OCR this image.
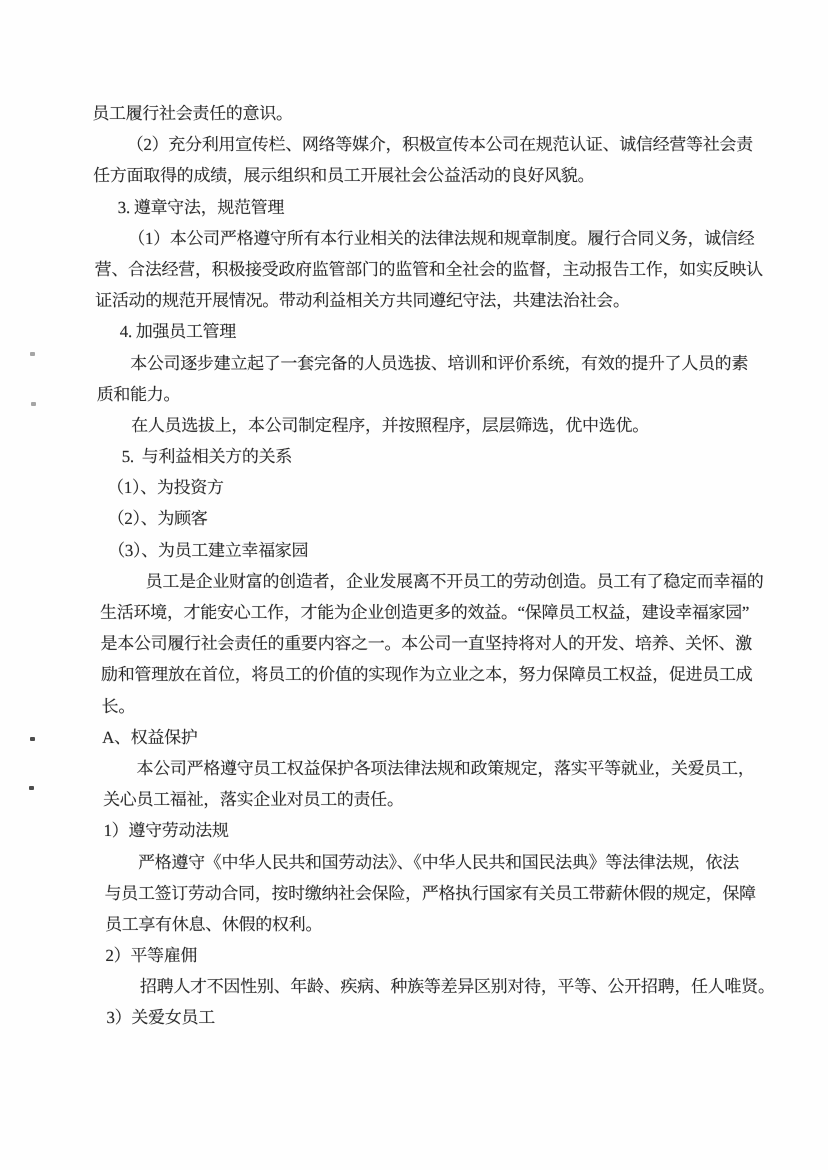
员工履行社会责任的意识。
（2）充分利用宣传栏、网络等媒介，积极宣传本公司在规范认证、诚信经营等社会责
任方面取得的成绩，展示组织和员工开展社会公益活动的良好风貌。
3. 遵章守法，规范管理
（1）本公司严格遵守所有本行业相关的法律法规和规章制度。履行合同义务，诚信经
营、合法经营，积极接受政府监管部门的监管和全社会的监督，主动报告工作，如实反映认
证活动的规范开展情况。带动利益相关方共同遵纪守法，共建法治社会。
4. 加强员工管理
本公司逐步建立起了一套完备的人员选拔、培训和评价系统，有效的提升了人员的素
质和能力。
在人员选拔上，本公司制定程序，并按照程序，层层筛选，优中选优。
5.  与利益相关方的关系
（1）、为投资方
（2）、为顾客
（3）、为员工建立幸福家园
员工是企业财富的创造者，企业发展离不开员工的劳动创造。员工有了稳定而幸福的
生活环境，才能安心工作，才能为企业创造更多的效益。“保障员工权益，建设幸福家园”
是本公司履行社会责任的重要内容之一。本公司一直坚持将对人的开发、培养、关怀、激
励和管理放在首位，将员工的价值的实现作为立业之本，努力保障员工权益，促进员工成
长。
A、权益保护
本公司严格遵守员工权益保护各项法律法规和政策规定，落实平等就业，关爱员工，
关心员工福祉，落实企业对员工的责任。
1）遵守劳动法规
严格遵守《中华人民共和国劳动法》、《中华人民共和国民法典》等法律法规，依法
与员工签订劳动合同，按时缴纳社会保险，严格执行国家有关员工带薪休假的规定，保障
员工享有休息、休假的权利。
2）平等雇佣
招聘人才不因性别、年龄、疾病、种族等差异区别对待，平等、公开招聘，任人唯贤。
3）关爱女员工
